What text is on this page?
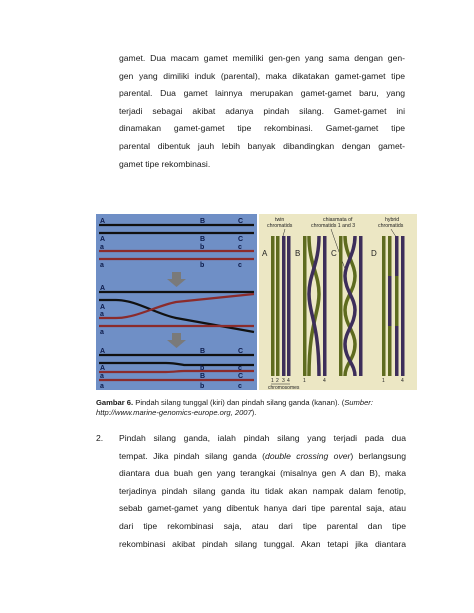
gamet. Dua macam gamet memiliki gen-gen yang sama dengan gen-
gen yang dimiliki induk (parental), maka dikatakan gamet-gamet tipe
parental. Dua gamet lainnya merupakan gamet-gamet baru, yang
terjadi sebagai akibat adanya pindah silang. Gamet-gamet ini
dinamakan gamet-gamet tipe rekombinasi. Gamet-gamet tipe
parental dibentuk jauh lebih banyak dibandingkan dengan gamet-
gamet tipe rekombinasi.
A	B	C
A	B	C
a	b	c
a	b	c
A
A
a
a
A	B	C
A	b	c
a	B	C
a	b	c
twin
chromatids
chiasmata of
chromatids 1 and 3
hybrid
chromatids
A	B	C	D
1 2 3 4	1	4	1	4
chromosomes
Gambar 6. Pindah silang tunggal (kiri) dan pindah silang ganda (kanan). (Sumber: http://www.marine-genomics-europe.org, 2007).
2. Pindah silang ganda, ialah pindah silang yang terjadi pada dua
tempat. Jika pindah silang ganda (double crossing over) berlangsung
diantara dua buah gen yang terangkai (misalnya gen A dan B), maka
terjadinya pindah silang ganda itu tidak akan nampak dalam fenotip,
sebab gamet-gamet yang dibentuk hanya dari tipe parental saja, atau
dari tipe rekombinasi saja, atau dari tipe parental dan tipe
rekombinasi akibat pindah silang tunggal. Akan tetapi jika diantara
